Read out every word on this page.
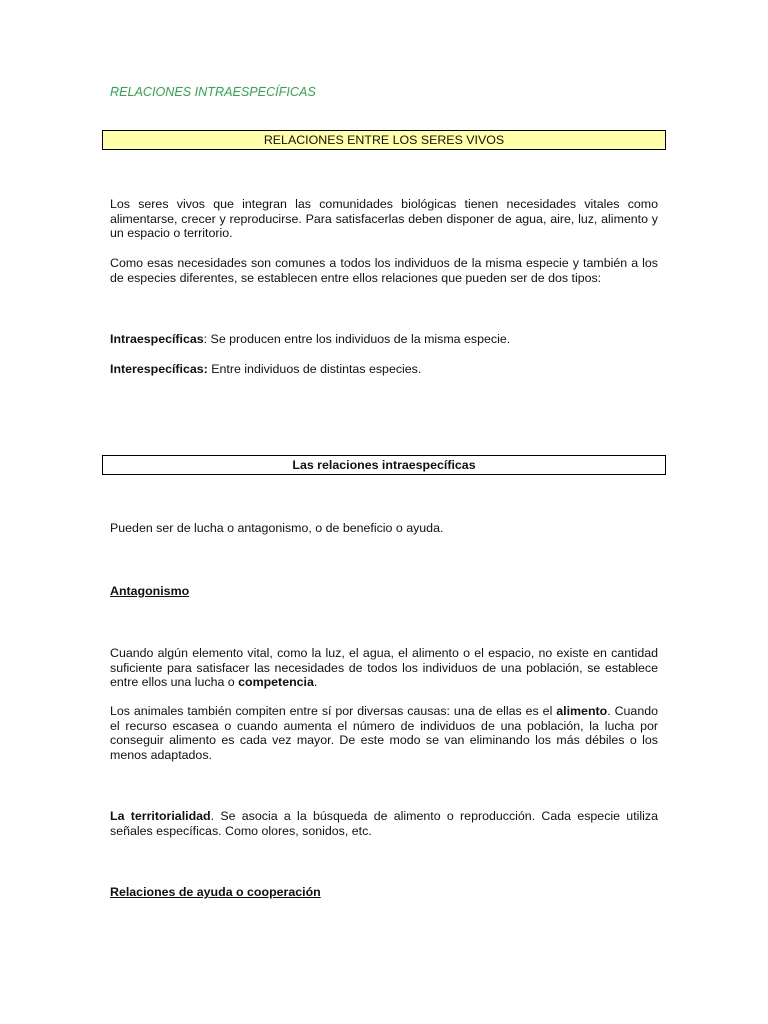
RELACIONES INTRAESPECÍFICAS
RELACIONES ENTRE LOS SERES VIVOS

Los seres vivos que integran las comunidades biológicas tienen necesidades vitales como alimentarse, crecer y reproducirse. Para satisfacerlas deben disponer de agua, aire, luz, alimento y un espacio o territorio.

Como esas necesidades son comunes a todos los individuos de la misma especie y también a los de especies diferentes, se establecen entre ellos relaciones que pueden ser de dos tipos:

Intraespecíficas: Se producen entre los individuos de la misma especie.

Interespecíficas: Entre individuos de distintas especies.

Las relaciones intraespecíficas

Pueden ser de lucha o antagonismo, o de beneficio o ayuda.

Antagonismo

Cuando algún elemento vital, como la luz, el agua, el alimento o el espacio, no existe en cantidad suficiente para satisfacer las necesidades de todos los individuos de una población, se establece entre ellos una lucha o competencia.

Los animales también compiten entre sí por diversas causas: una de ellas es el alimento. Cuando el recurso escasea o cuando aumenta el número de individuos de una población, la lucha por conseguir alimento es cada vez mayor. De este modo se van eliminando los más débiles o los menos adaptados.

La territorialidad. Se asocia a la búsqueda de alimento o reproducción. Cada especie utiliza señales específicas. Como olores, sonidos, etc.

Relaciones de ayuda o cooperación
